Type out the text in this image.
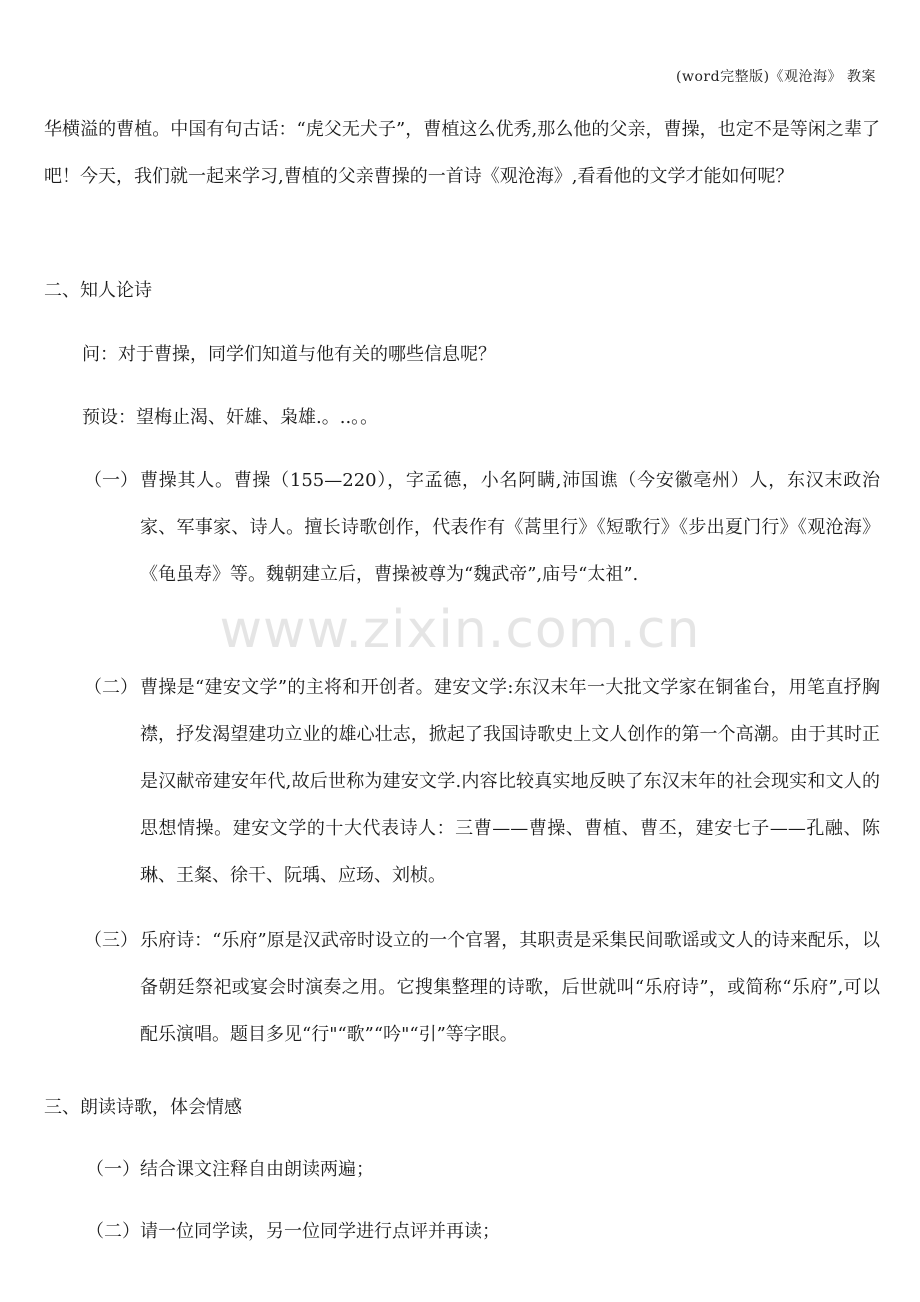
(word完整版)《观沧海》 教案
www.zixin.com.cn
华横溢的曹植。中国有句古话：“虎父无犬子”，曹植这么优秀,那么他的父亲，曹操，也定不是等闲之辈了吧！今天，我们就一起来学习,曹植的父亲曹操的一首诗《观沧海》,看看他的文学才能如何呢？
二、知人论诗
问：对于曹操，同学们知道与他有关的哪些信息呢？
预设：望梅止渴、奸雄、枭雄.。..。。
（一） 曹操其人。曹操（155—220），字孟德，小名阿瞒,沛国谯（今安徽亳州）人，东汉末政治家、军事家、诗人。擅长诗歌创作，代表作有《蒿里行》《短歌行》《步出夏门行》《观沧海》《龟虽寿》等。魏朝建立后，曹操被尊为“魏武帝”,庙号“太祖”.
（二） 曹操是“建安文学”的主将和开创者。建安文学:东汉末年一大批文学家在铜雀台，用笔直抒胸襟，抒发渴望建功立业的雄心壮志，掀起了我国诗歌史上文人创作的第一个高潮。由于其时正是汉献帝建安年代,故后世称为建安文学.内容比较真实地反映了东汉末年的社会现实和文人的思想情操。建安文学的十大代表诗人：三曹——曹操、曹植、曹丕，建安七子——孔融、陈琳、王粲、徐干、阮瑀、应玚、刘桢。
（三） 乐府诗：“乐府”原是汉武帝时设立的一个官署，其职责是采集民间歌谣或文人的诗来配乐，以备朝廷祭祀或宴会时演奏之用。它搜集整理的诗歌，后世就叫“乐府诗”，或简称“乐府”,可以配乐演唱。题目多见“行"“歌”“吟"“引”等字眼。
三、朗读诗歌，体会情感
（一）结合课文注释自由朗读两遍；
（二）请一位同学读，另一位同学进行点评并再读；
